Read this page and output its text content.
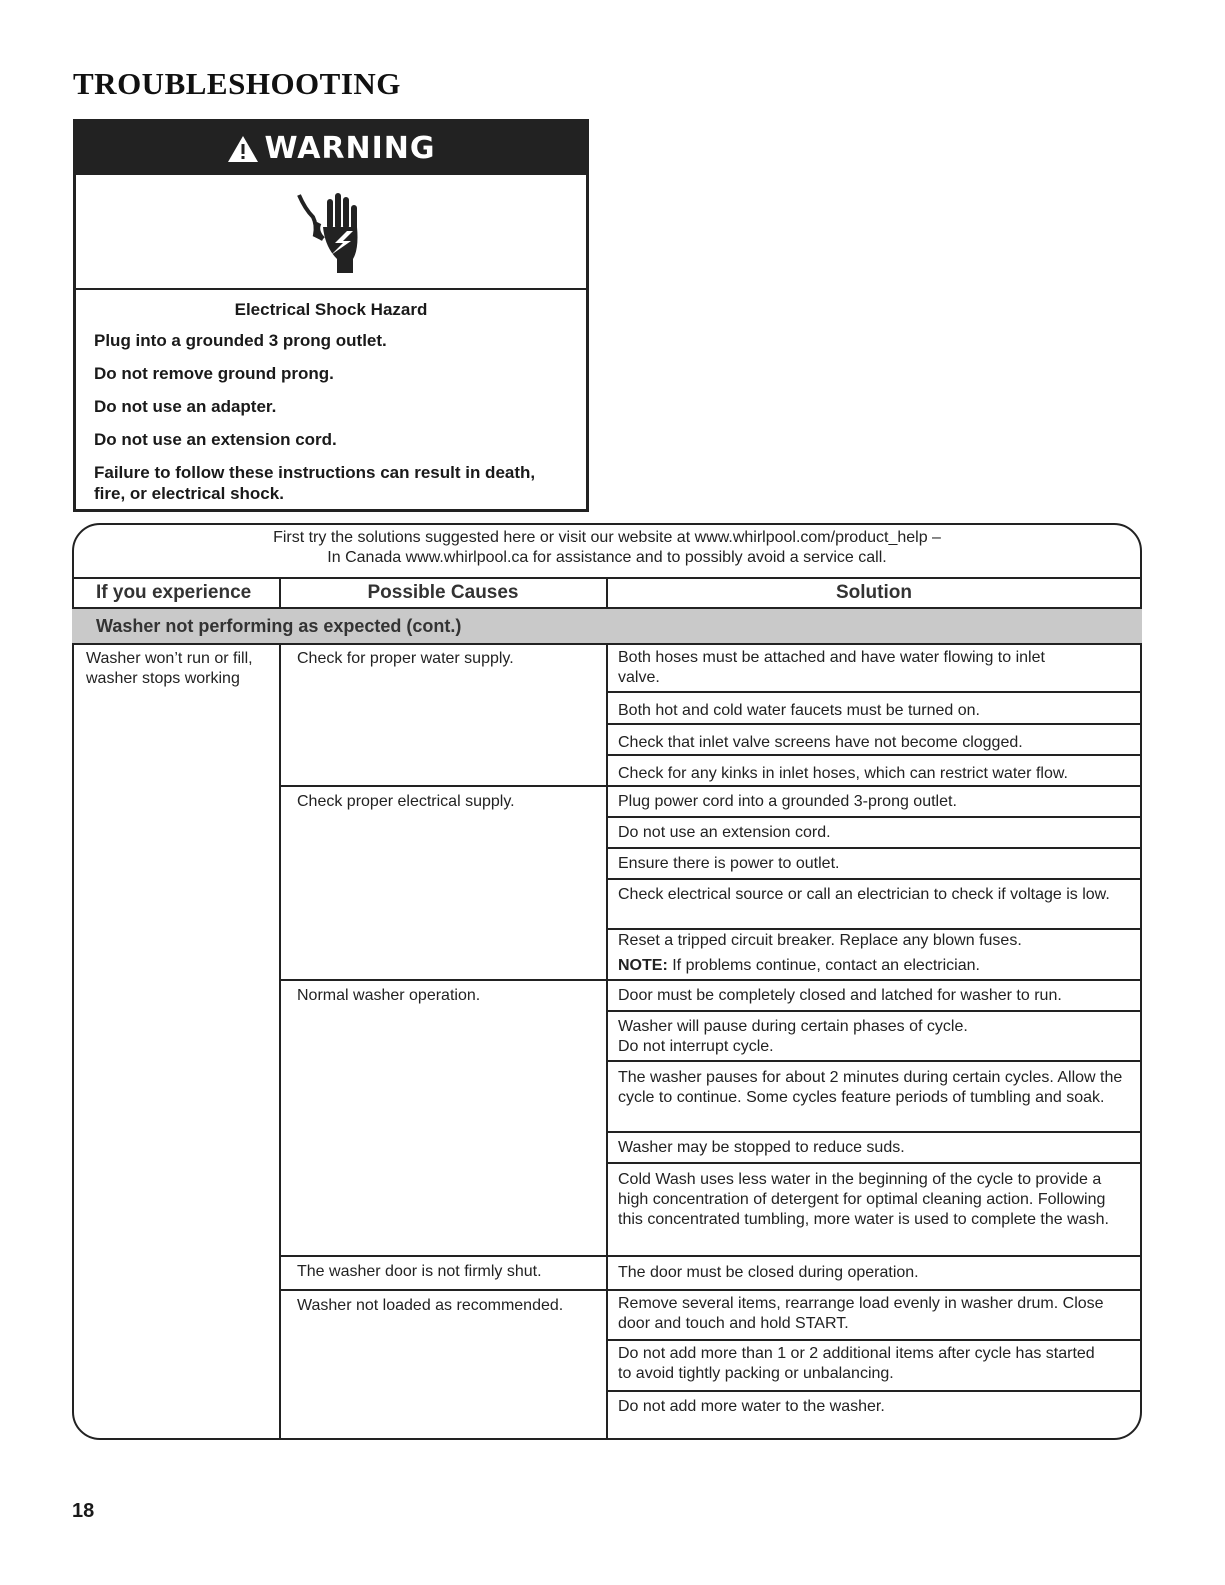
TROUBLESHOOTING
WARNING
Electrical Shock Hazard
Plug into a grounded 3 prong outlet.
Do not remove ground prong.
Do not use an adapter.
Do not use an extension cord.
Failure to follow these instructions can result in death, fire, or electrical shock.
First try the solutions suggested here or visit our website at www.whirlpool.com/product_help –
In Canada www.whirlpool.ca for assistance and to possibly avoid a service call.
If you experience	Possible Causes	Solution
Washer not performing as expected (cont.)
Washer won’t run or fill, washer stops working
Check for proper water supply.
Check proper electrical supply.
Normal washer operation.
The washer door is not firmly shut.
Washer not loaded as recommended.
Both hoses must be attached and have water flowing to inlet valve.
Both hot and cold water faucets must be turned on.
Check that inlet valve screens have not become clogged.
Check for any kinks in inlet hoses, which can restrict water flow.
Plug power cord into a grounded 3-prong outlet.
Do not use an extension cord.
Ensure there is power to outlet.
Check electrical source or call an electrician to check if voltage is low.
Reset a tripped circuit breaker. Replace any blown fuses.
NOTE: If problems continue, contact an electrician.
Door must be completely closed and latched for washer to run.
Washer will pause during certain phases of cycle.
Do not interrupt cycle.
The washer pauses for about 2 minutes during certain cycles. Allow the cycle to continue. Some cycles feature periods of tumbling and soak.
Washer may be stopped to reduce suds.
Cold Wash uses less water in the beginning of the cycle to provide a high concentration of detergent for optimal cleaning action. Following this concentrated tumbling, more water is used to complete the wash.
The door must be closed during operation.
Remove several items, rearrange load evenly in washer drum. Close door and touch and hold START.
Do not add more than 1 or 2 additional items after cycle has started to avoid tightly packing or unbalancing.
Do not add more water to the washer.
18
